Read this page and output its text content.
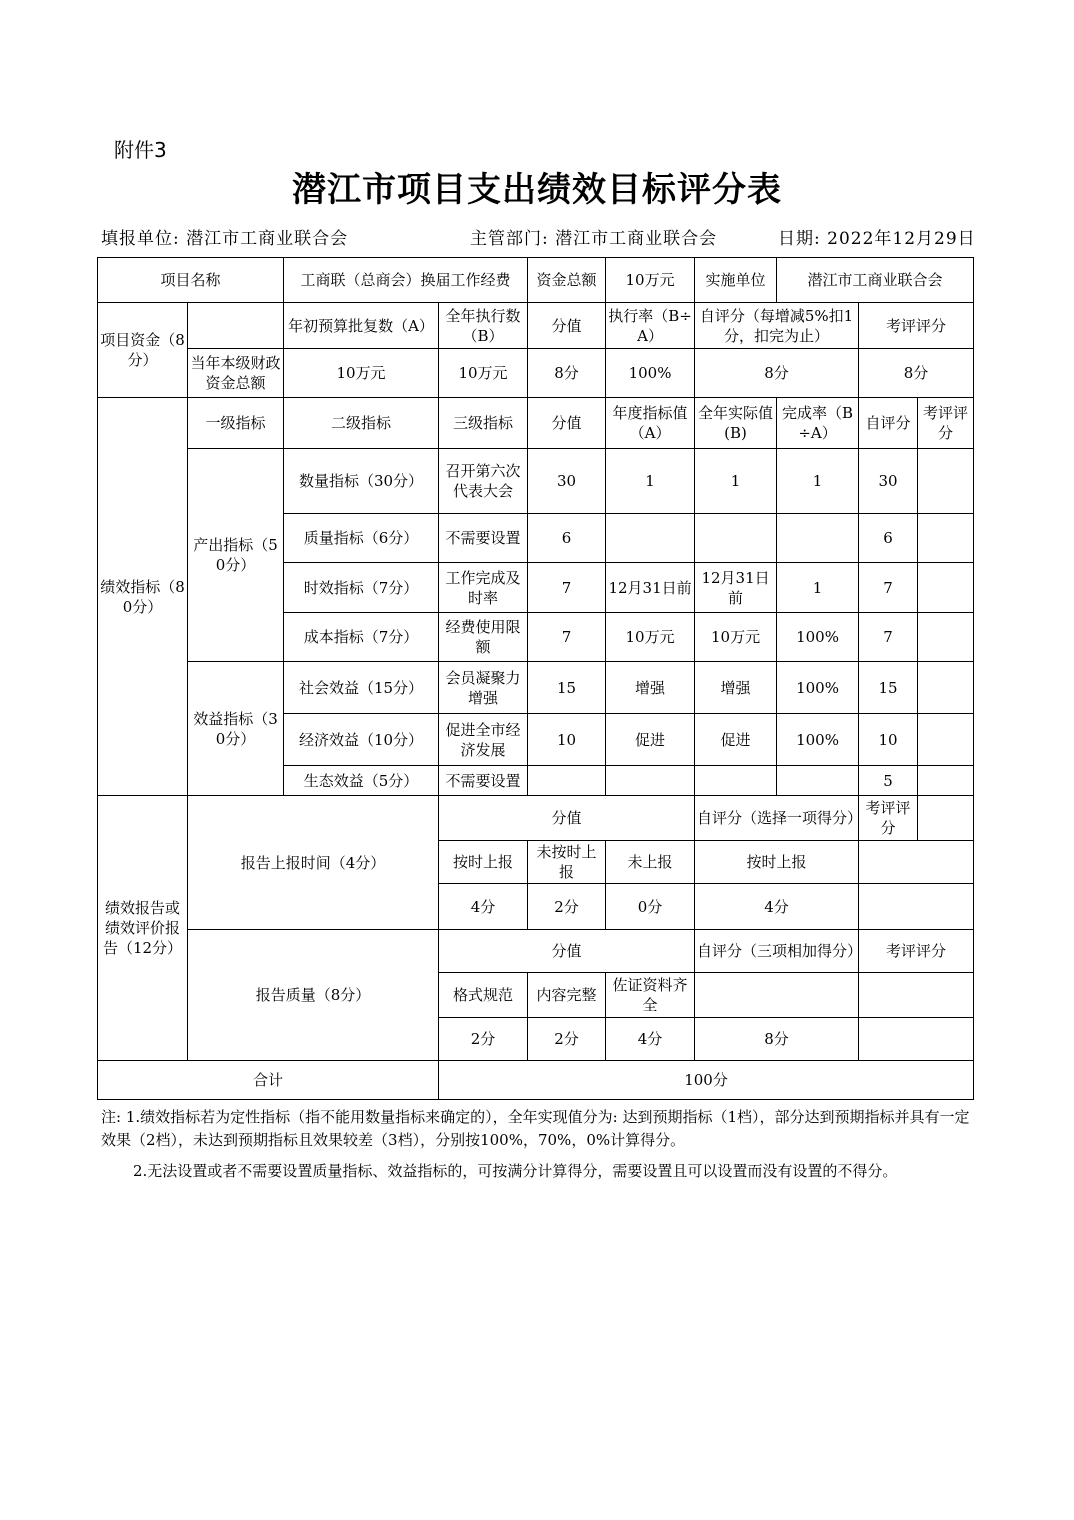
附件3
潜江市项目支出绩效目标评分表
填报单位: 潜江市工商业联合会	主管部门: 潜江市工商业联合会	日期: 2022年12月29日
项目名称		工商联（总商会）换届工作经费		资金总额	10万元	实施单位	潜江市工商业联合会		
项目资金（8分）		年初预算批复数（A）	全年执行数（B）	分值	执行率（B÷A）	自评分（每增减5%扣1分，扣完为止）		考评评分	
	当年本级财政资金总额	10万元	10万元	8分	100%	8分		8分	
绩效指标（80分）	一级指标	二级指标	三级指标	分值	年度指标值（A）	全年实际值(B)	完成率（B÷A）	自评分	考评评分
	产出指标（50分）	数量指标（30分）	召开第六次代表大会	30	1	1	1	30	
		质量指标（6分）	不需要设置	6				6	
		时效指标（7分）	工作完成及时率	7	12月31日前	12月31日前	1	7	
		成本指标（7分）	经费使用限额	7	10万元	10万元	100%	7	
	效益指标（30分）	社会效益（15分）	会员凝聚力增强	15	增强	增强	100%	15	
		经济效益（10分）	促进全市经济发展	10	促进	促进	100%	10	
		生态效益（5分）	不需要设置					5	
绩效报告或绩效评价报告（12分）	报告上报时间（4分）		分值			自评分（选择一项得分）		考评评分	
			按时上报	未按时上报	未上报	按时上报			
			4分	2分	0分	4分			
	报告质量（8分）		分值			自评分（三项相加得分）		考评评分	
			格式规范	内容完整	佐证资料齐全				
			2分	2分	4分	8分			
合计			100分						

注: 1.绩效指标若为定性指标（指不能用数量指标来确定的），全年实现值分为: 达到预期指标（1档），部分达到预期指标并具有一定效果（2档），未达到预期指标且效果较差（3档），分别按100%，70%，0%计算得分。

2.无法设置或者不需要设置质量指标、效益指标的，可按满分计算得分，需要设置且可以设置而没有设置的不得分。
